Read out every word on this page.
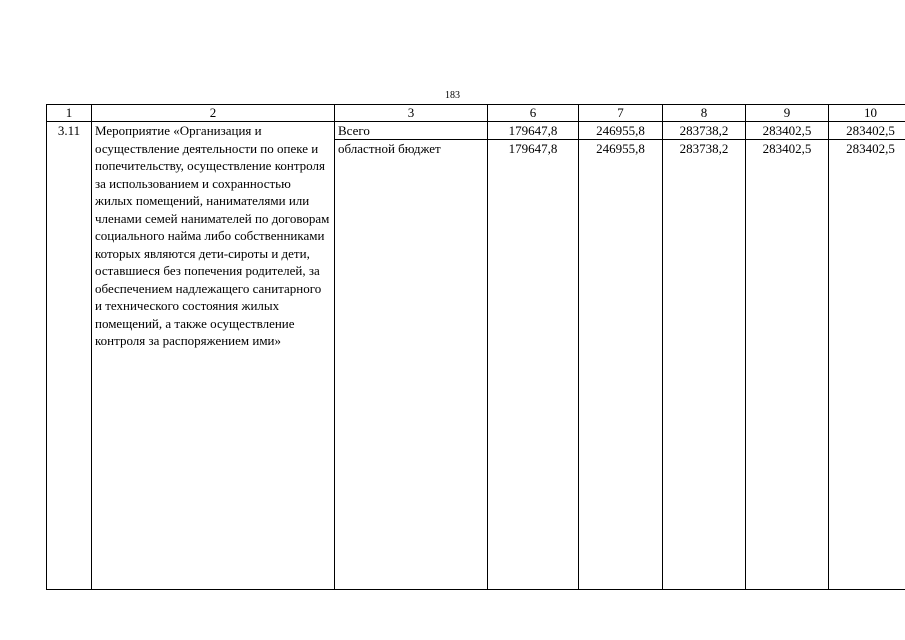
183
1	2	3	6	7	8	9	10
3.11	Мероприятие «Организация и осуществление деятельности по опеке и попечительству, осуществление контроля за использованием и сохранностью жилых помещений, нанимателями или членами семей нанимателей по договорам социального найма либо собственниками которых являются дети-сироты и дети, оставшиеся без попечения родителей, за обеспечением надлежащего санитарного и технического состояния жилых помещений, а также осуществление контроля за распоряжением ими»	Всего	179647,8	246955,8	283738,2	283402,5	283402,5
		областной бюджет	179647,8	246955,8	283738,2	283402,5	283402,5
